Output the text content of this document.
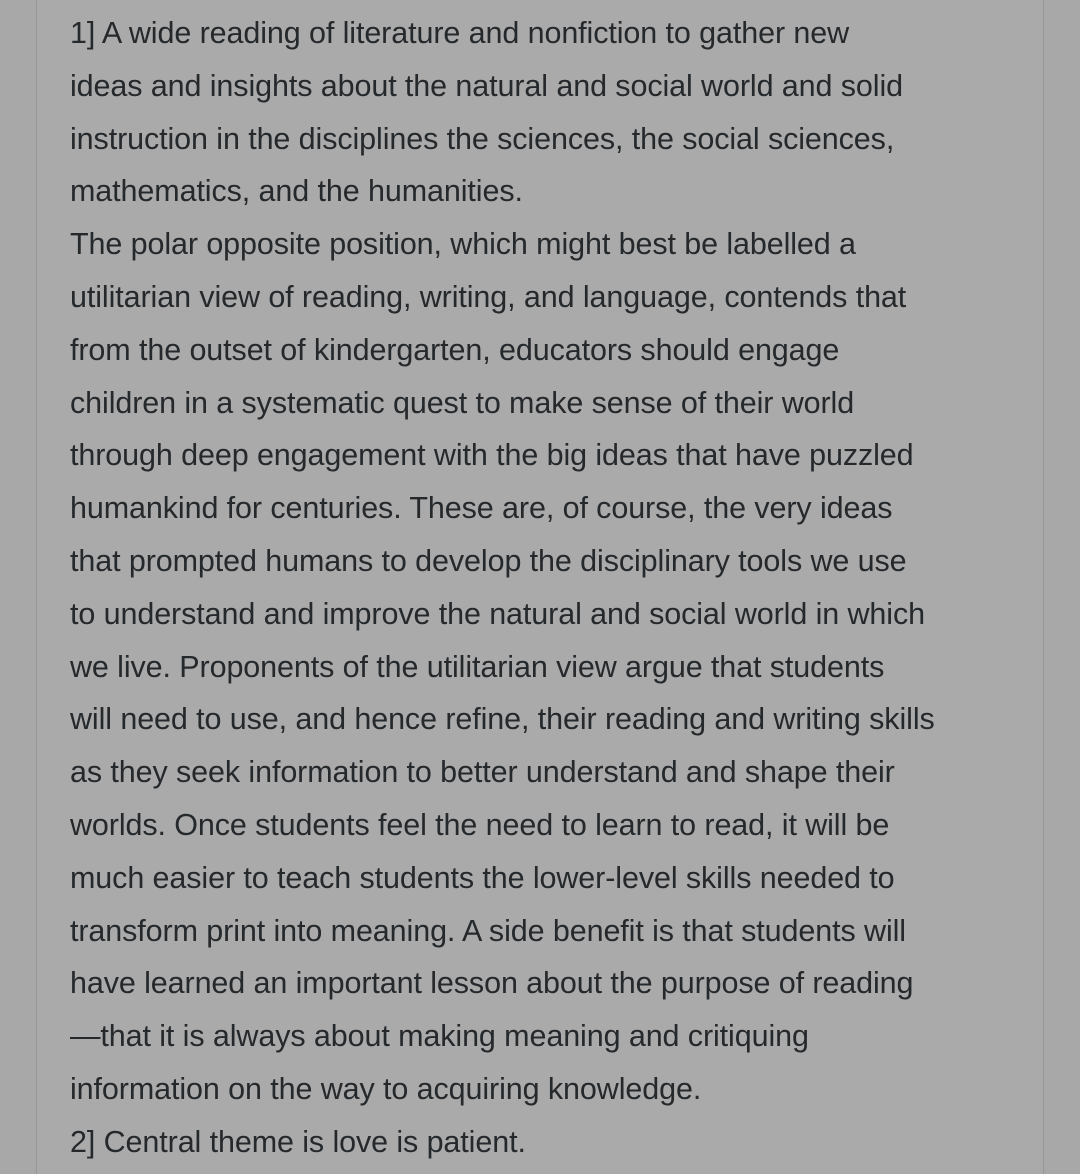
1] A wide reading of literature and nonfiction to gather new
ideas and insights about the natural and social world and solid
instruction in the disciplines the sciences, the social sciences,
mathematics, and the humanities.
The polar opposite position, which might best be labelled a
utilitarian view of reading, writing, and language, contends that
from the outset of kindergarten, educators should engage
children in a systematic quest to make sense of their world
through deep engagement with the big ideas that have puzzled
humankind for centuries. These are, of course, the very ideas
that prompted humans to develop the disciplinary tools we use
to understand and improve the natural and social world in which
we live. Proponents of the utilitarian view argue that students
will need to use, and hence refine, their reading and writing skills
as they seek information to better understand and shape their
worlds. Once students feel the need to learn to read, it will be
much easier to teach students the lower-level skills needed to
transform print into meaning. A side benefit is that students will
have learned an important lesson about the purpose of reading
—that it is always about making meaning and critiquing
information on the way to acquiring knowledge.
2] Central theme is love is patient.
